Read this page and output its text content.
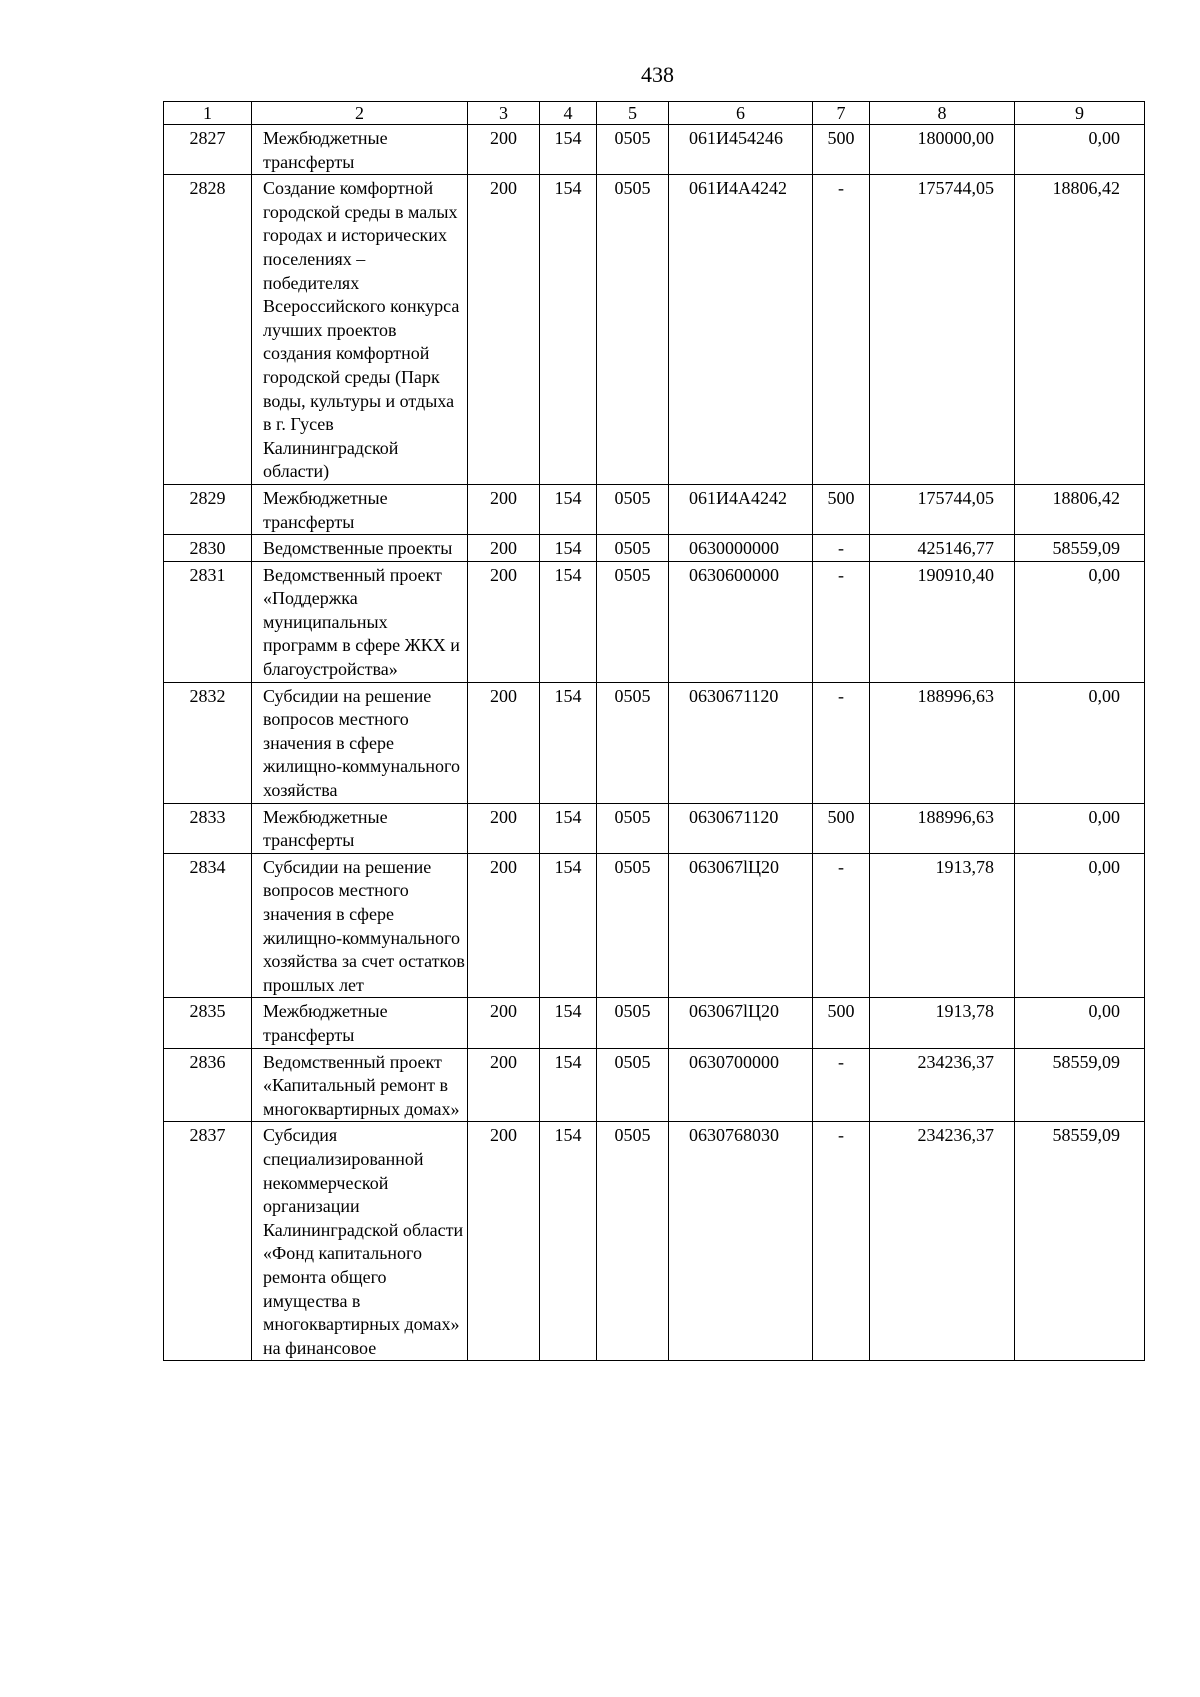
438
1	2	3	4	5	6	7	8	9
2827	Межбюджетные трансферты	200	154	0505	061И454246	500	180000,00	0,00
2828	Создание комфортной городской среды в малых городах и исторических поселениях – победителях Всероссийского конкурса лучших проектов создания комфортной городской среды (Парк воды, культуры и отдыха в г. Гусев Калининградской области)	200	154	0505	061И4А4242	-	175744,05	18806,42
2829	Межбюджетные трансферты	200	154	0505	061И4А4242	500	175744,05	18806,42
2830	Ведомственные проекты	200	154	0505	0630000000	-	425146,77	58559,09
2831	Ведомственный проект «Поддержка муниципальных программ в сфере ЖКХ и благоустройства»	200	154	0505	0630600000	-	190910,40	0,00
2832	Субсидии на решение вопросов местного значения в сфере жилищно-коммунального хозяйства	200	154	0505	0630671120	-	188996,63	0,00
2833	Межбюджетные трансферты	200	154	0505	0630671120	500	188996,63	0,00
2834	Субсидии на решение вопросов местного значения в сфере жилищно-коммунального хозяйства за счет остатков прошлых лет	200	154	0505	063067lЦ20	-	1913,78	0,00
2835	Межбюджетные трансферты	200	154	0505	063067lЦ20	500	1913,78	0,00
2836	Ведомственный проект «Капитальный ремонт в многоквартирных домах»	200	154	0505	0630700000	-	234236,37	58559,09
2837	Субсидия специализированной некоммерческой организации Калининградской области «Фонд капитального ремонта общего имущества в многоквартирных домах» на финансовое	200	154	0505	0630768030	-	234236,37	58559,09
